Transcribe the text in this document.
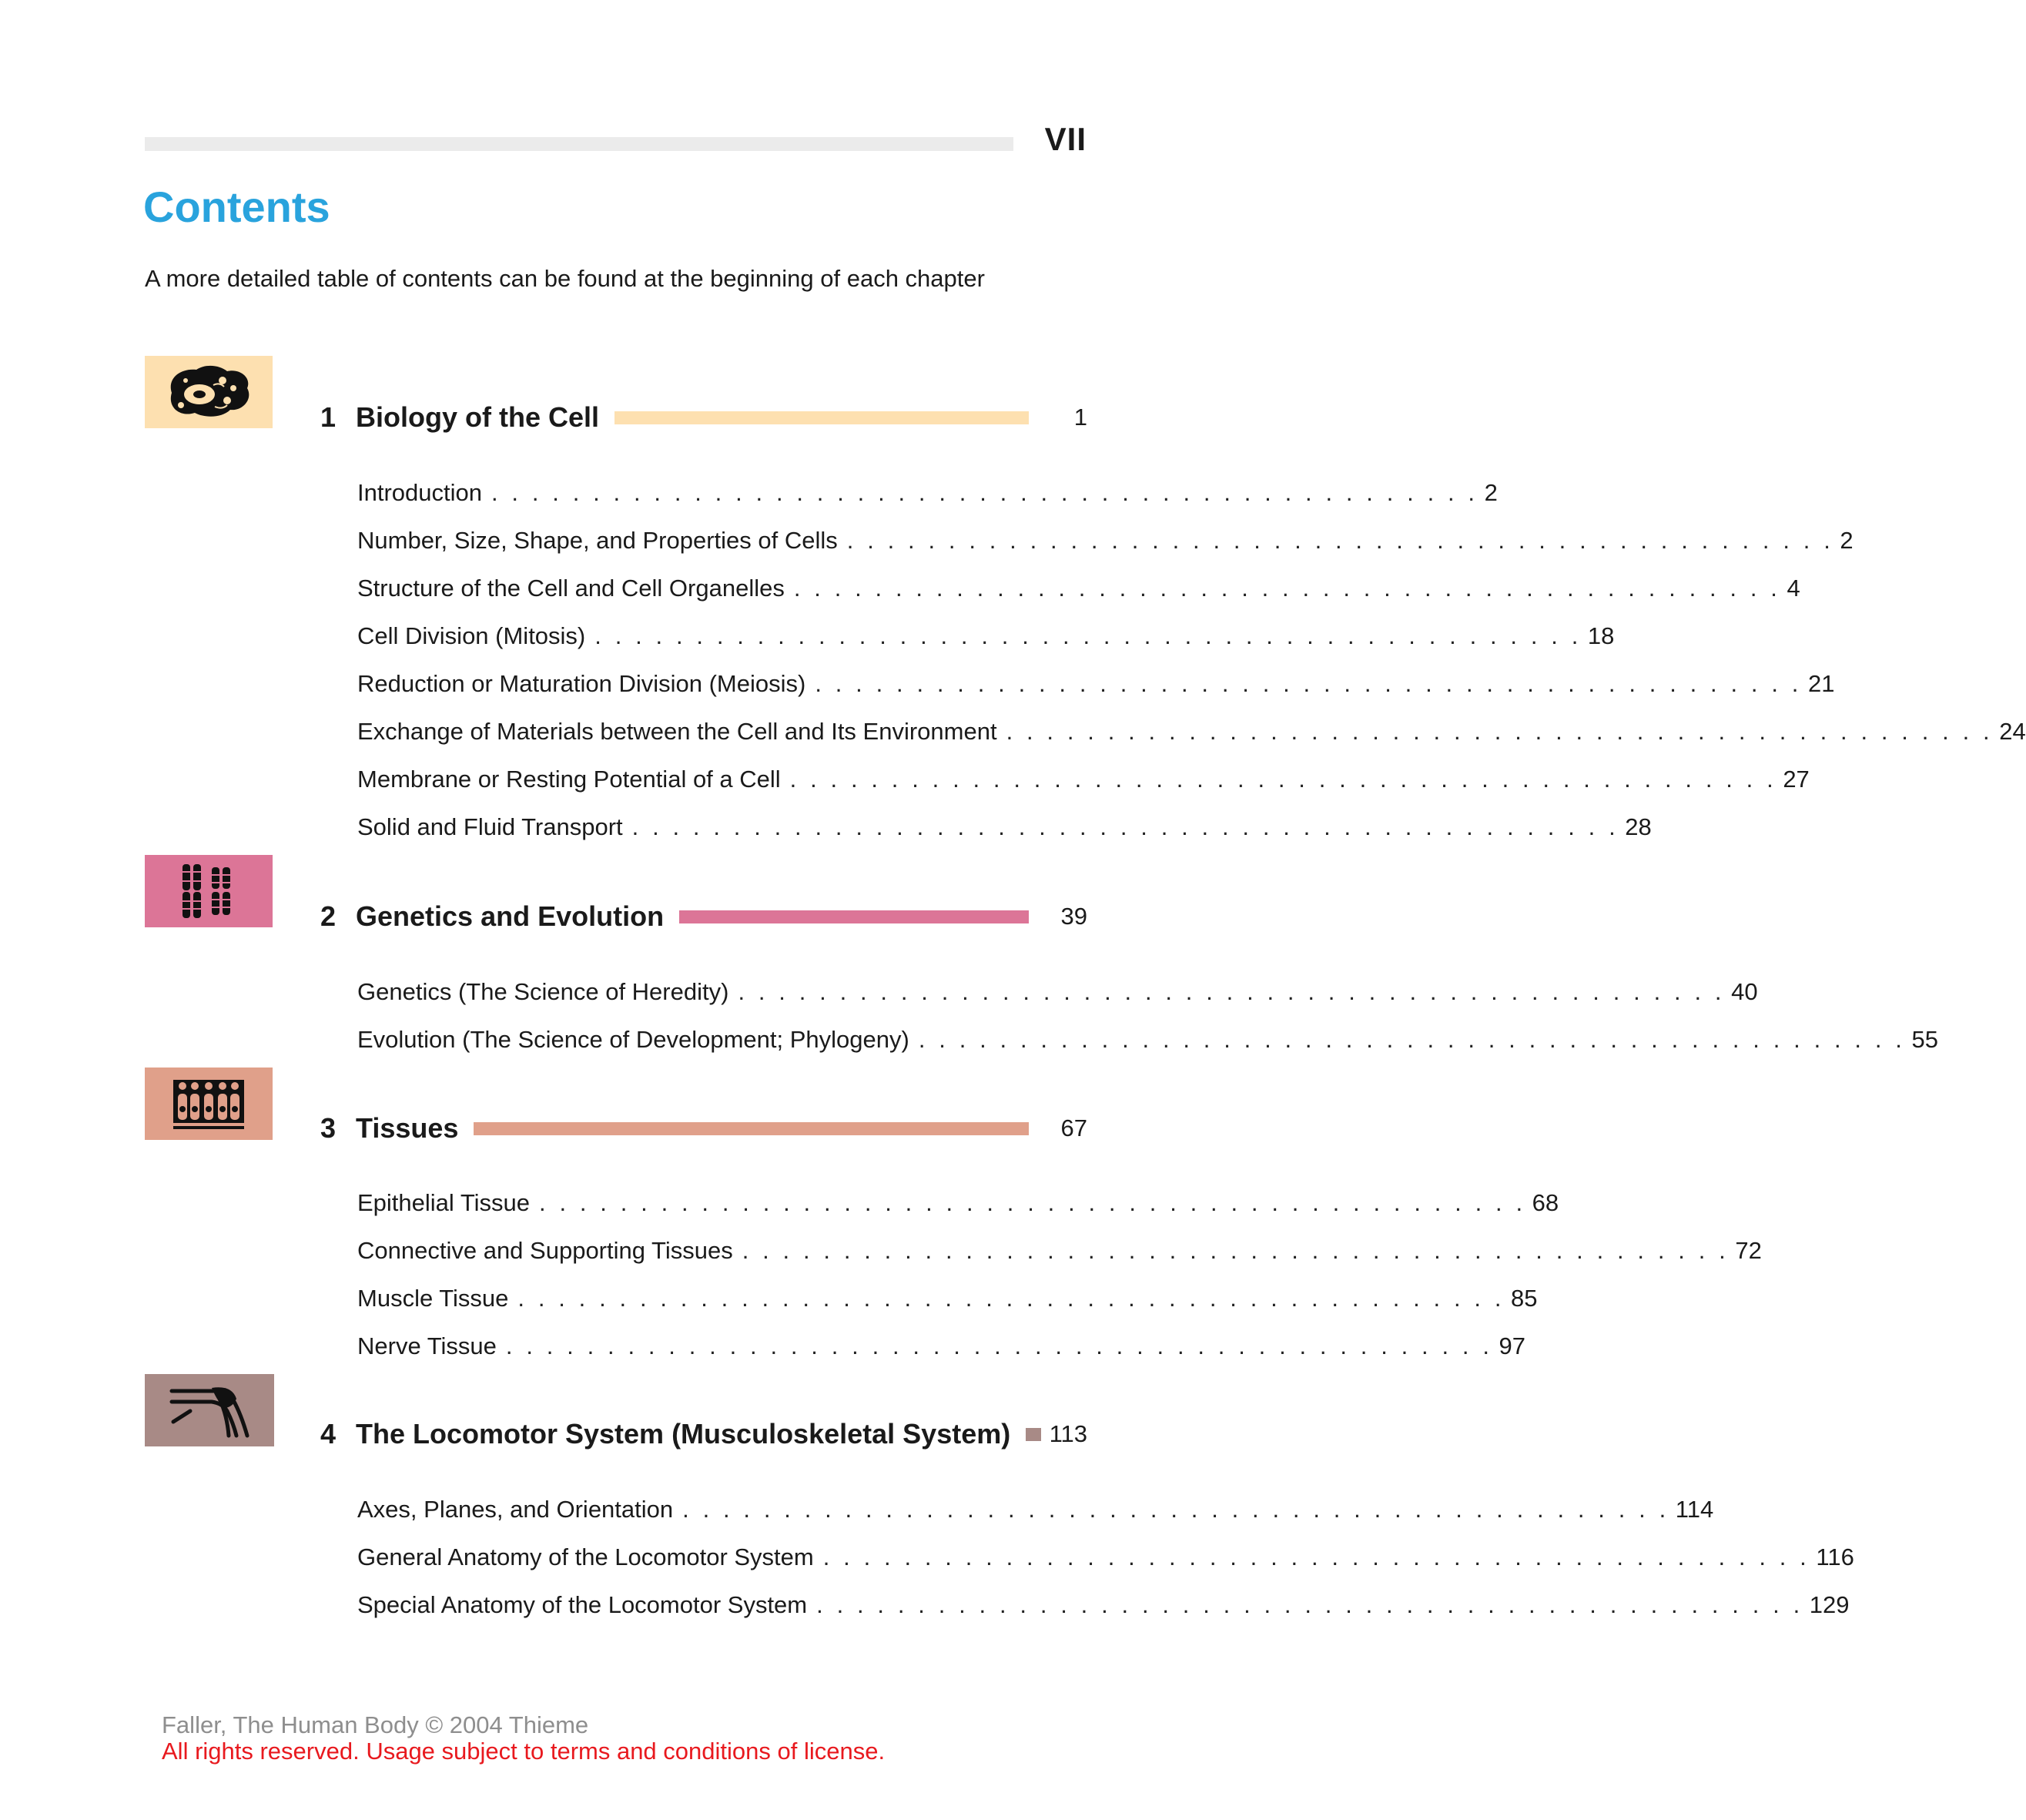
VII
Contents
A more detailed table of contents can be found at the beginning of each chapter
1 Biology of the Cell	1
Introduction . . . . . . . . . . . . . . . . . . . . . . . . . . . . . . . . . . . . . . . . . . . . . . . . . 2
Number, Size, Shape, and Properties of Cells . . . . . . . . . . . . . . . . . . . . . . . . . . . . . . . . . . . . . . . . . . . . . . . . . 2
Structure of the Cell and Cell Organelles . . . . . . . . . . . . . . . . . . . . . . . . . . . . . . . . . . . . . . . . . . . . . . . . . 4
Cell Division (Mitosis) . . . . . . . . . . . . . . . . . . . . . . . . . . . . . . . . . . . . . . . . . . . . . . . . . 18
Reduction or Maturation Division (Meiosis) . . . . . . . . . . . . . . . . . . . . . . . . . . . . . . . . . . . . . . . . . . . . . . . . . 21
Exchange of Materials between the Cell and Its Environment . . . . . . . . . . . . . . . . . . . . . . . . . . . . . . . . . . . . . . . . . . . . . . . . . 24
Membrane or Resting Potential of a Cell . . . . . . . . . . . . . . . . . . . . . . . . . . . . . . . . . . . . . . . . . . . . . . . . . 27
Solid and Fluid Transport . . . . . . . . . . . . . . . . . . . . . . . . . . . . . . . . . . . . . . . . . . . . . . . . . 28
2 Genetics and Evolution	39
Genetics (The Science of Heredity) . . . . . . . . . . . . . . . . . . . . . . . . . . . . . . . . . . . . . . . . . . . . . . . . . 40
Evolution (The Science of Development; Phylogeny) . . . . . . . . . . . . . . . . . . . . . . . . . . . . . . . . . . . . . . . . . . . . . . . . . 55
3 Tissues	67
Epithelial Tissue . . . . . . . . . . . . . . . . . . . . . . . . . . . . . . . . . . . . . . . . . . . . . . . . . 68
Connective and Supporting Tissues . . . . . . . . . . . . . . . . . . . . . . . . . . . . . . . . . . . . . . . . . . . . . . . . . 72
Muscle Tissue . . . . . . . . . . . . . . . . . . . . . . . . . . . . . . . . . . . . . . . . . . . . . . . . . 85
Nerve Tissue . . . . . . . . . . . . . . . . . . . . . . . . . . . . . . . . . . . . . . . . . . . . . . . . . 97
4 The Locomotor System (Musculoskeletal System)	113
Axes, Planes, and Orientation . . . . . . . . . . . . . . . . . . . . . . . . . . . . . . . . . . . . . . . . . . . . . . . . . 114
General Anatomy of the Locomotor System . . . . . . . . . . . . . . . . . . . . . . . . . . . . . . . . . . . . . . . . . . . . . . . . . 116
Special Anatomy of the Locomotor System . . . . . . . . . . . . . . . . . . . . . . . . . . . . . . . . . . . . . . . . . . . . . . . . . 129
Faller, The Human Body © 2004 Thieme
All rights reserved. Usage subject to terms and conditions of license.
